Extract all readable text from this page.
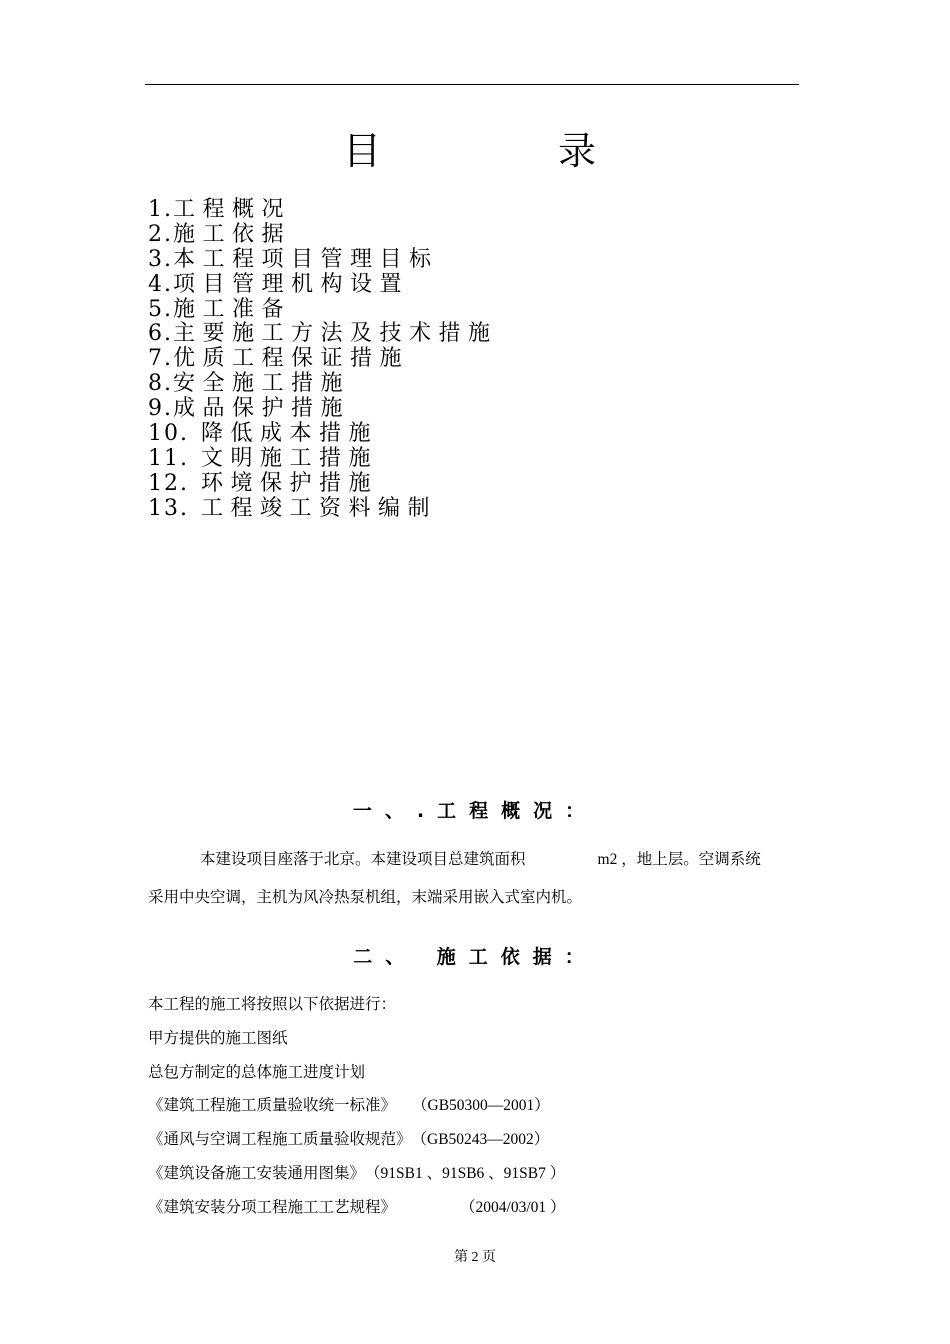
目	录
1.工程概况
2.施工依据
3.本工程项目管理目标
4.项目管理机构设置
5.施工准备
6.主要施工方法及技术措施
7.优质工程保证措施
8.安全施工措施
9.成品保护措施
10. 降低成本措施
11. 文明施工措施
12. 环境保护措施
13. 工程竣工资料编制
一、.工程概况：
本建设项目座落于北京。本建设项目总建筑面积	m2 ，地上层。空调系统
采用中央空调，主机为风冷热泵机组，末端采用嵌入式室内机。
二、 施工依据：
本工程的施工将按照以下依据进行：
甲方提供的施工图纸
总包方制定的总体施工进度计划
《建筑工程施工质量验收统一标准》 （GB50300—2001）
《通风与空调工程施工质量验收规范》（GB50243—2002）
《建筑设备施工安装通用图集》（91SB1 、91SB6 、91SB7 ）
《建筑安装分项工程施工工艺规程》	（2004/03/01 ）
第 2 页
